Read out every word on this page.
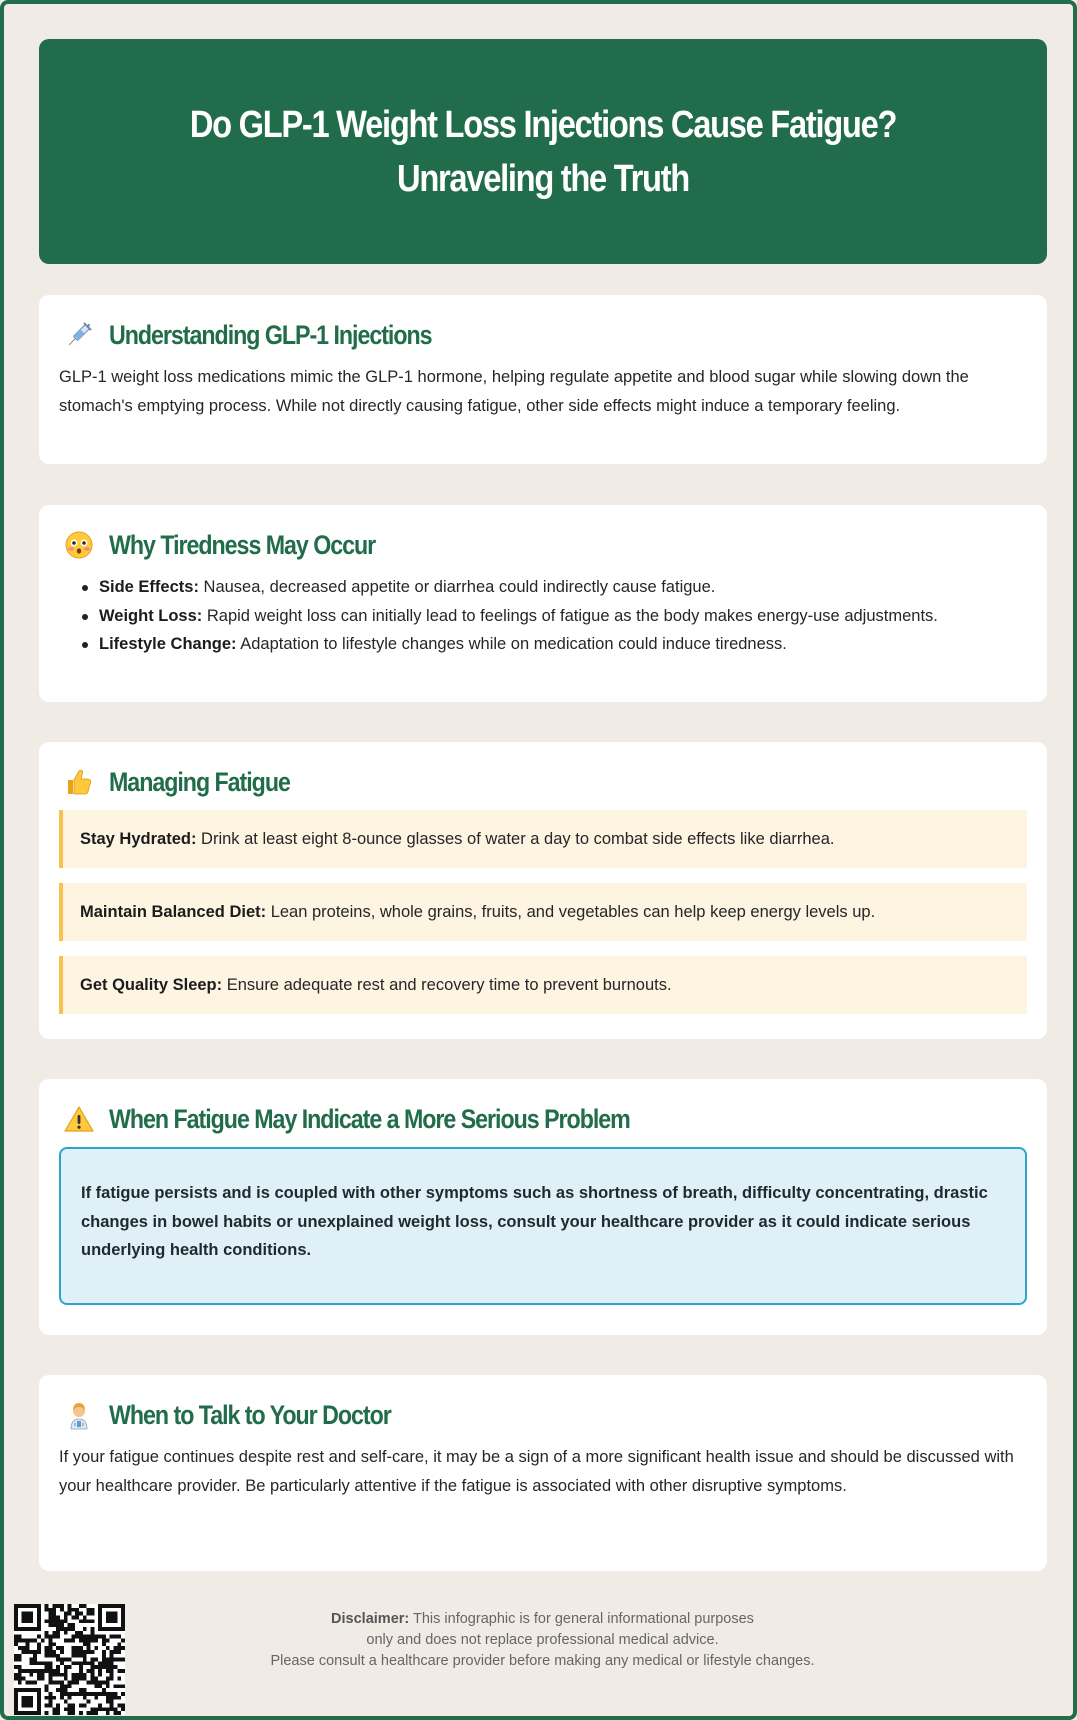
Do GLP-1 Weight Loss Injections Cause Fatigue? Unraveling the Truth
Understanding GLP-1 Injections

GLP-1 weight loss medications mimic the GLP-1 hormone, helping regulate appetite and blood sugar while slowing down the stomach's emptying process. While not directly causing fatigue, other side effects might induce a temporary feeling.

Why Tiredness May Occur
Side Effects: Nausea, decreased appetite or diarrhea could indirectly cause fatigue.
Weight Loss: Rapid weight loss can initially lead to feelings of fatigue as the body makes energy-use adjustments.
Lifestyle Change: Adaptation to lifestyle changes while on medication could induce tiredness.
Managing Fatigue
Stay Hydrated: Drink at least eight 8-ounce glasses of water a day to combat side effects like diarrhea.
Maintain Balanced Diet: Lean proteins, whole grains, fruits, and vegetables can help keep energy levels up.
Get Quality Sleep: Ensure adequate rest and recovery time to prevent burnouts.
When Fatigue May Indicate a More Serious Problem
If fatigue persists and is coupled with other symptoms such as shortness of breath, difficulty concentrating, drastic changes in bowel habits or unexplained weight loss, consult your healthcare provider as it could indicate serious underlying health conditions.
When to Talk to Your Doctor

If your fatigue continues despite rest and self-care, it may be a sign of a more significant health issue and should be discussed with your healthcare provider. Be particularly attentive if the fatigue is associated with other disruptive symptoms.

Disclaimer: This infographic is for general informational purposes
only and does not replace professional medical advice.
Please consult a healthcare provider before making any medical or lifestyle changes.
